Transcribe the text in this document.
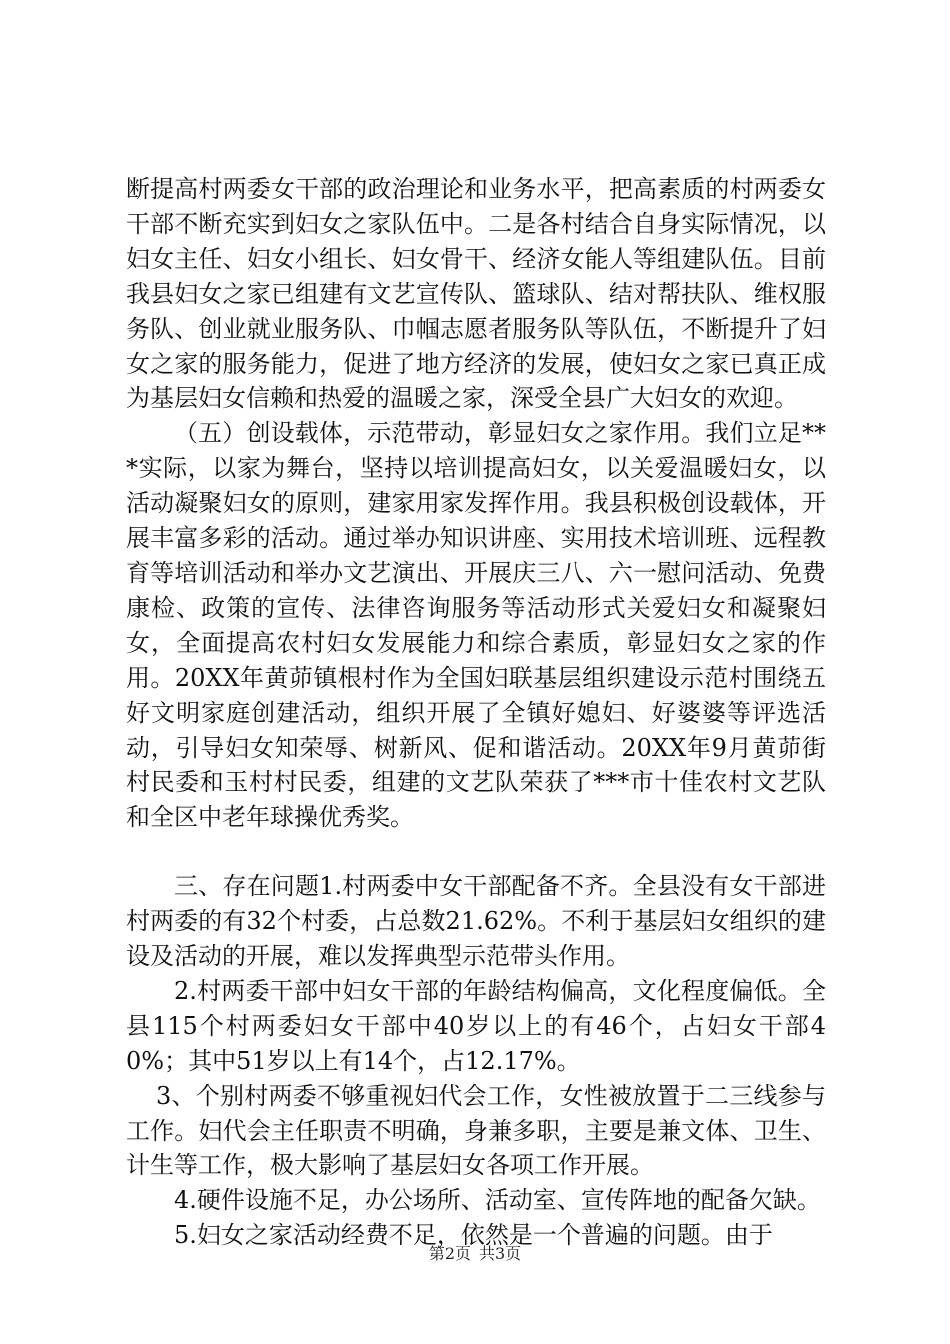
断提高村两委女干部的政治理论和业务水平，把高素质的村两委女干部不断充实到妇女之家队伍中。二是各村结合自身实际情况，以妇女主任、妇女小组长、妇女骨干、经济女能人等组建队伍。目前我县妇女之家已组建有文艺宣传队、篮球队、结对帮扶队、维权服务队、创业就业服务队、巾帼志愿者服务队等队伍，不断提升了妇女之家的服务能力，促进了地方经济的发展，使妇女之家已真正成为基层妇女信赖和热爱的温暖之家，深受全县广大妇女的欢迎。

（五）创设载体，示范带动，彰显妇女之家作用。我们立足***实际，以家为舞台，坚持以培训提高妇女，以关爱温暖妇女，以活动凝聚妇女的原则，建家用家发挥作用。我县积极创设载体，开展丰富多彩的活动。通过举办知识讲座、实用技术培训班、远程教育等培训活动和举办文艺演出、开展庆三八、六一慰问活动、免费康检、政策的宣传、法律咨询服务等活动形式关爱妇女和凝聚妇女，全面提高农村妇女发展能力和综合素质，彰显妇女之家的作用。20XX年黄茆镇根村作为全国妇联基层组织建设示范村围绕五好文明家庭创建活动，组织开展了全镇好媳妇、好婆婆等评选活动，引导妇女知荣辱、树新风、促和谐活动。20XX年9月黄茆街村民委和玉村村民委，组建的文艺队荣获了***市十佳农村文艺队和全区中老年球操优秀奖。

三、存在问题1.村两委中女干部配备不齐。全县没有女干部进村两委的有32个村委，占总数21.62%。不利于基层妇女组织的建设及活动的开展，难以发挥典型示范带头作用。

2.村两委干部中妇女干部的年龄结构偏高，文化程度偏低。全县115个村两委妇女干部中40岁以上的有46个，占妇女干部40%；其中51岁以上有14个，占12.17%。

3、个别村两委不够重视妇代会工作，女性被放置于二三线参与工作。妇代会主任职责不明确，身兼多职，主要是兼文体、卫生、计生等工作，极大影响了基层妇女各项工作开展。

4.硬件设施不足，办公场所、活动室、宣传阵地的配备欠缺。

5.妇女之家活动经费不足，依然是一个普遍的问题。由于

第2页 共3页
